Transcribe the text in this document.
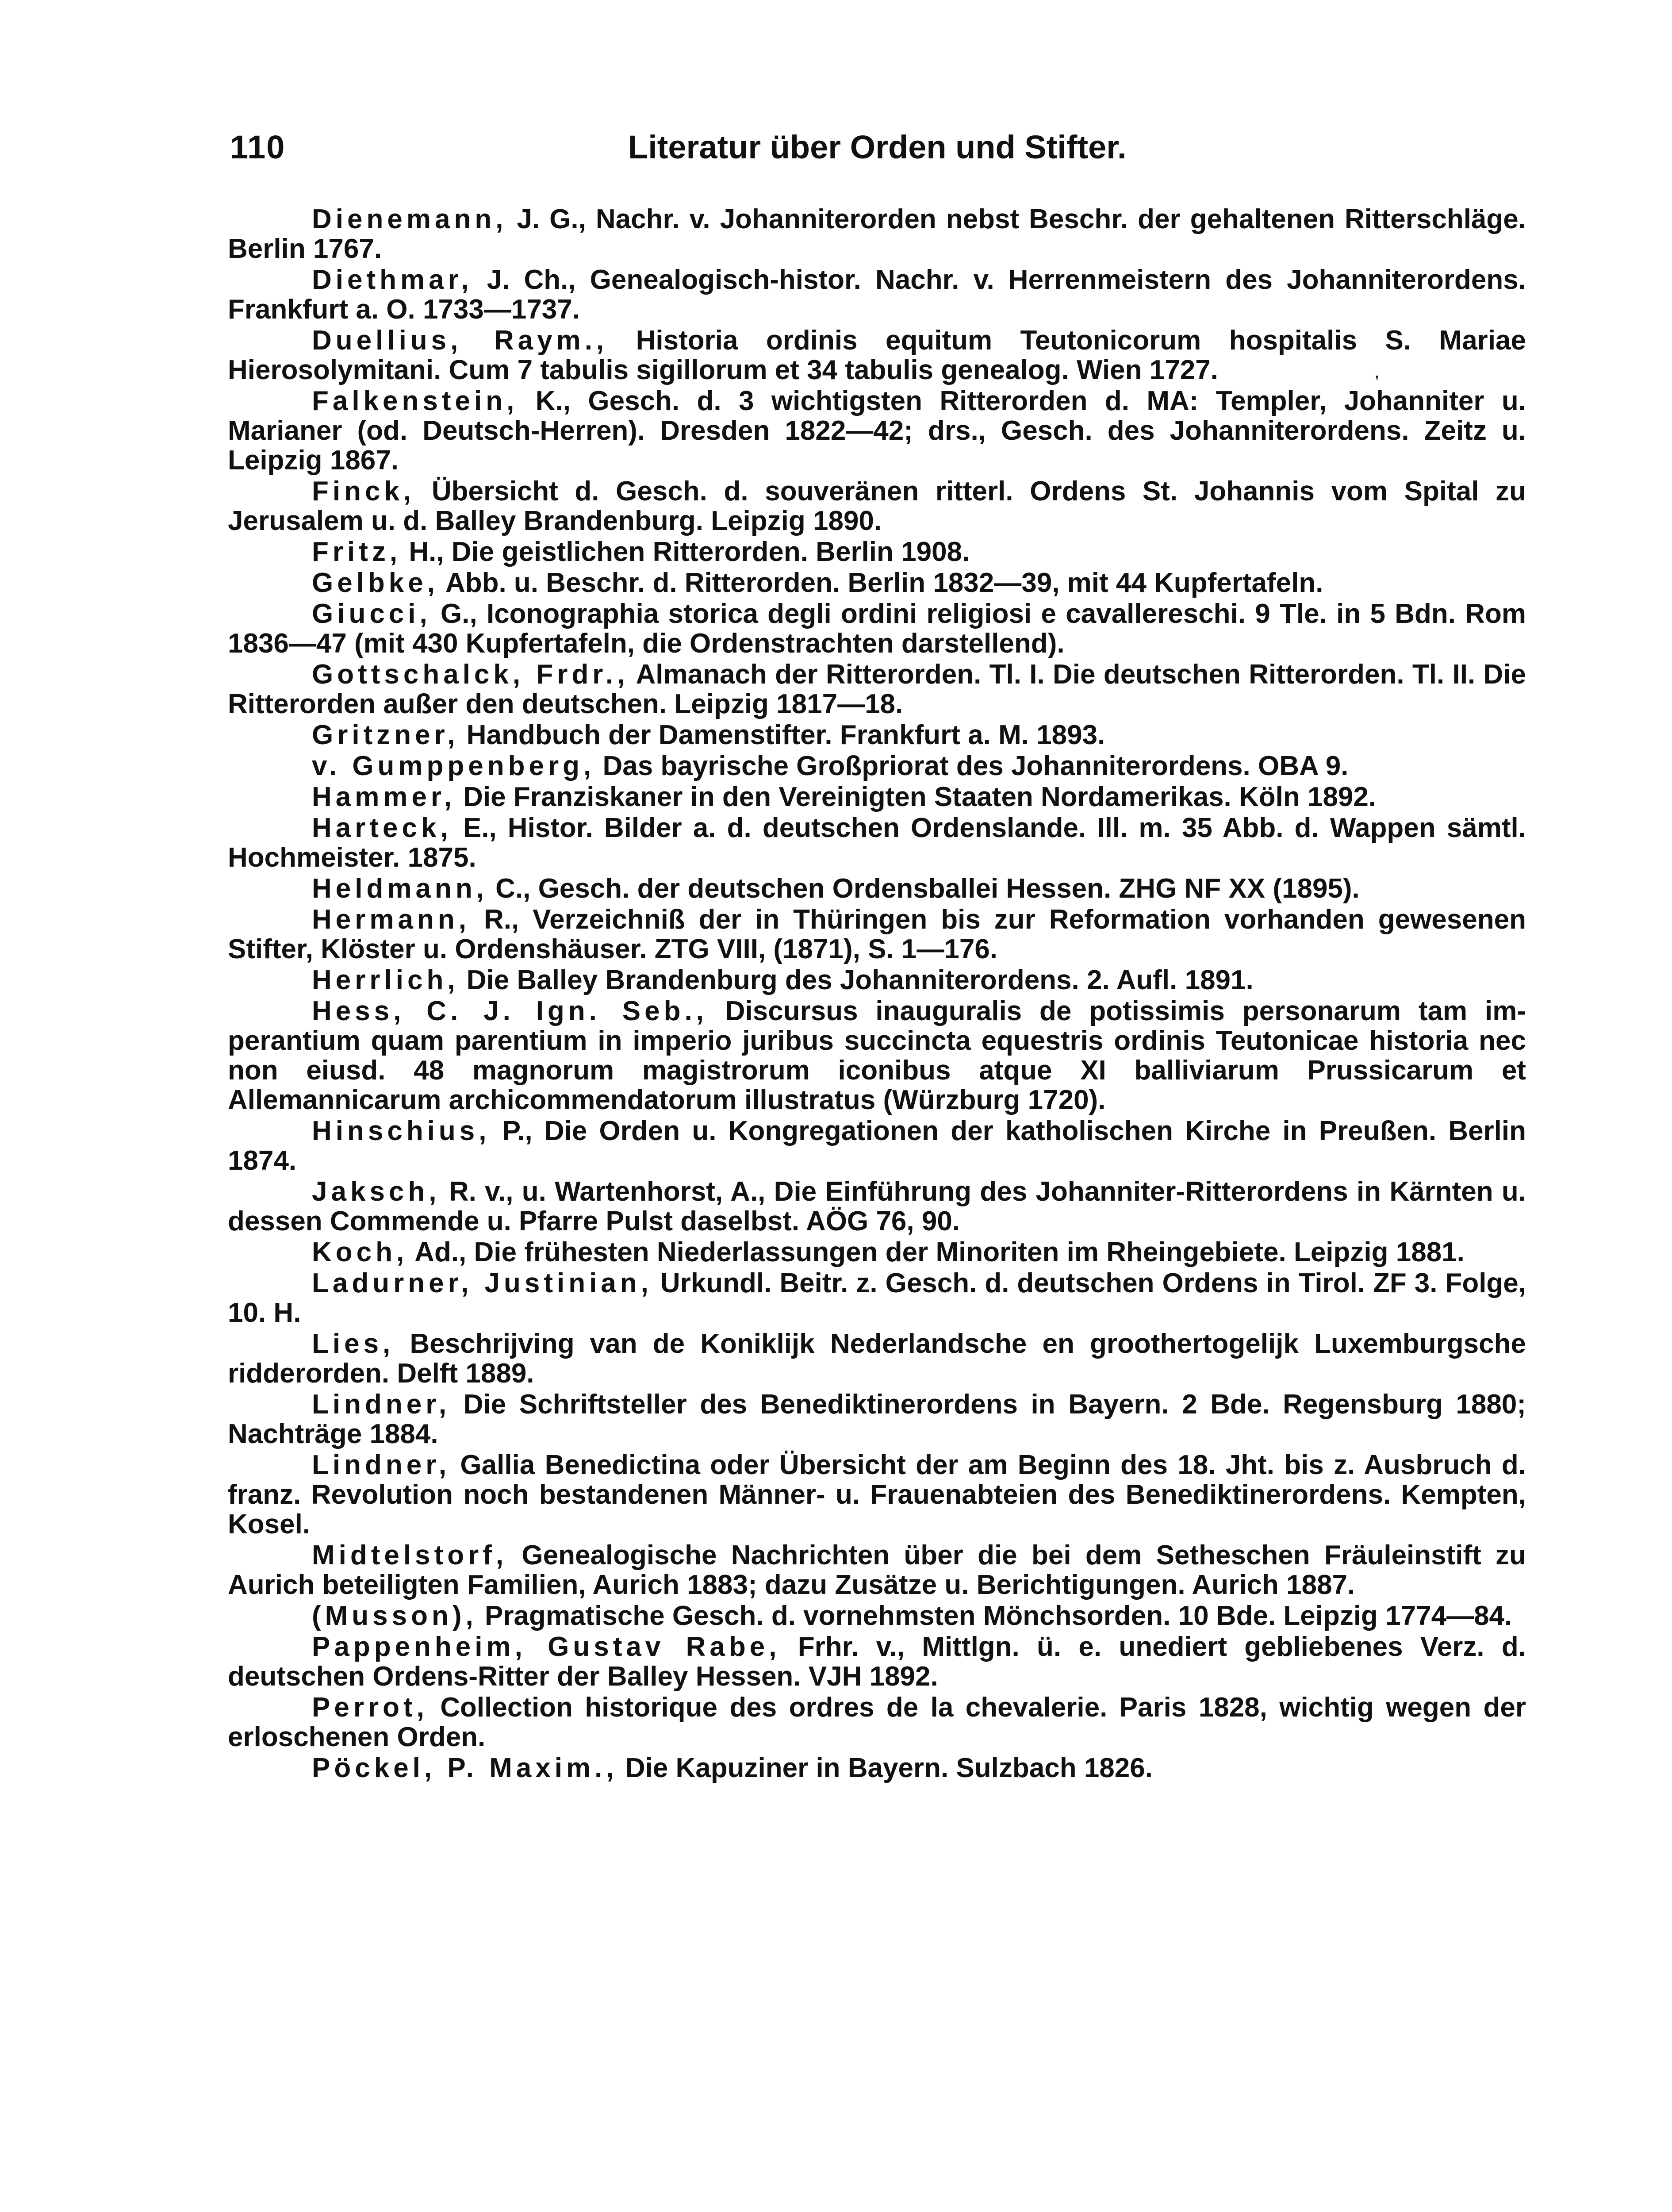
110	Literatur über Orden und Stifter.

Dienemann, J. G., Nachr. v. Johanniterorden nebst Beschr. der gehaltenen Ritterschläge. Berlin 1767.

Diethmar, J. Ch., Genealogisch-histor. Nachr. v. Herrenmeistern des Johanniterordens. Frankfurt a. O. 1733—1737.

Duellius, Raym., Historia ordinis equitum Teutonicorum hospitalis S. Mariae Hierosolymitani. Cum 7 tabulis sigillorum et 34 tabulis genealog. Wien 1727.

Falkenstein, K., Gesch. d. 3 wichtigsten Ritterorden d. MA: Templer, Johanniter u. Marianer (od. Deutsch-Herren). Dresden 1822—42; drs., Gesch. des Johanniterordens. Zeitz u. Leipzig 1867.

Finck, Übersicht d. Gesch. d. souveränen ritterl. Ordens St. Johannis vom Spital zu Jerusalem u. d. Balley Brandenburg. Leipzig 1890.

Fritz, H., Die geistlichen Ritterorden. Berlin 1908.

Gelbke, Abb. u. Beschr. d. Ritterorden. Berlin 1832—39, mit 44 Kupfertafeln.

Giucci, G., Iconographia storica degli ordini religiosi e cavallereschi. 9 Tle. in 5 Bdn. Rom 1836—47 (mit 430 Kupfertafeln, die Ordenstrachten darstellend).

Gottschalck, Frdr., Almanach der Ritterorden. Tl. I. Die deutschen Ritterorden. Tl. II. Die Ritterorden außer den deutschen. Leipzig 1817—18.

Gritzner, Handbuch der Damenstifter. Frankfurt a. M. 1893.

v. Gumppenberg, Das bayrische Großpriorat des Johanniterordens. OBA 9.

Hammer, Die Franziskaner in den Vereinigten Staaten Nordamerikas. Köln 1892.

Harteck, E., Histor. Bilder a. d. deutschen Ordenslande. Ill. m. 35 Abb. d. Wappen sämtl. Hochmeister. 1875.

Heldmann, C., Gesch. der deutschen Ordensballei Hessen. ZHG NF XX (1895).

Hermann, R., Verzeichniß der in Thüringen bis zur Reformation vorhanden gewesenen Stifter, Klöster u. Ordenshäuser. ZTG VIII, (1871), S. 1—176.

Herrlich, Die Balley Brandenburg des Johanniterordens. 2. Aufl. 1891.

Hess, C. J. Ign. Seb., Discursus inauguralis de potissimis personarum tam imperantium quam parentium in imperio juribus succincta equestris ordinis Teutonicae historia nec non eiusd. 48 magnorum magistrorum iconibus atque XI balliviarum Prussicarum et Allemannicarum archicommendatorum illustratus (Würzburg 1720).

Hinschius, P., Die Orden u. Kongregationen der katholischen Kirche in Preußen. Berlin 1874.

Jaksch, R. v., u. Wartenhorst, A., Die Einführung des Johanniter-Ritterordens in Kärnten u. dessen Commende u. Pfarre Pulst daselbst. AÖG 76, 90.

Koch, Ad., Die frühesten Niederlassungen der Minoriten im Rheingebiete. Leipzig 1881.

Ladurner, Justinian, Urkundl. Beitr. z. Gesch. d. deutschen Ordens in Tirol. ZF 3. Folge, 10. H.

Lies, Beschrijving van de Koniklijk Nederlandsche en groothertogelijk Luxemburgsche ridderorden. Delft 1889.

Lindner, Die Schriftsteller des Benediktinerordens in Bayern. 2 Bde. Regensburg 1880; Nachträge 1884.

Lindner, Gallia Benedictina oder Übersicht der am Beginn des 18. Jht. bis z. Ausbruch d. franz. Revolution noch bestandenen Männer- u. Frauenabteien des Benediktinerordens. Kempten, Kosel.

Midtelstorf, Genealogische Nachrichten über die bei dem Setheschen Fräuleinstift zu Aurich beteiligten Familien, Aurich 1883; dazu Zusätze u. Berichtigungen. Aurich 1887.

(Musson), Pragmatische Gesch. d. vornehmsten Mönchsorden. 10 Bde. Leipzig 1774—84.

Pappenheim, Gustav Rabe, Frhr. v., Mittlgn. ü. e. unediert gebliebenes Verz. d. deutschen Ordens-Ritter der Balley Hessen. VJH 1892.

Perrot, Collection historique des ordres de la chevalerie. Paris 1828, wichtig wegen der erloschenen Orden.

Pöckel, P. Maxim., Die Kapuziner in Bayern. Sulzbach 1826.
